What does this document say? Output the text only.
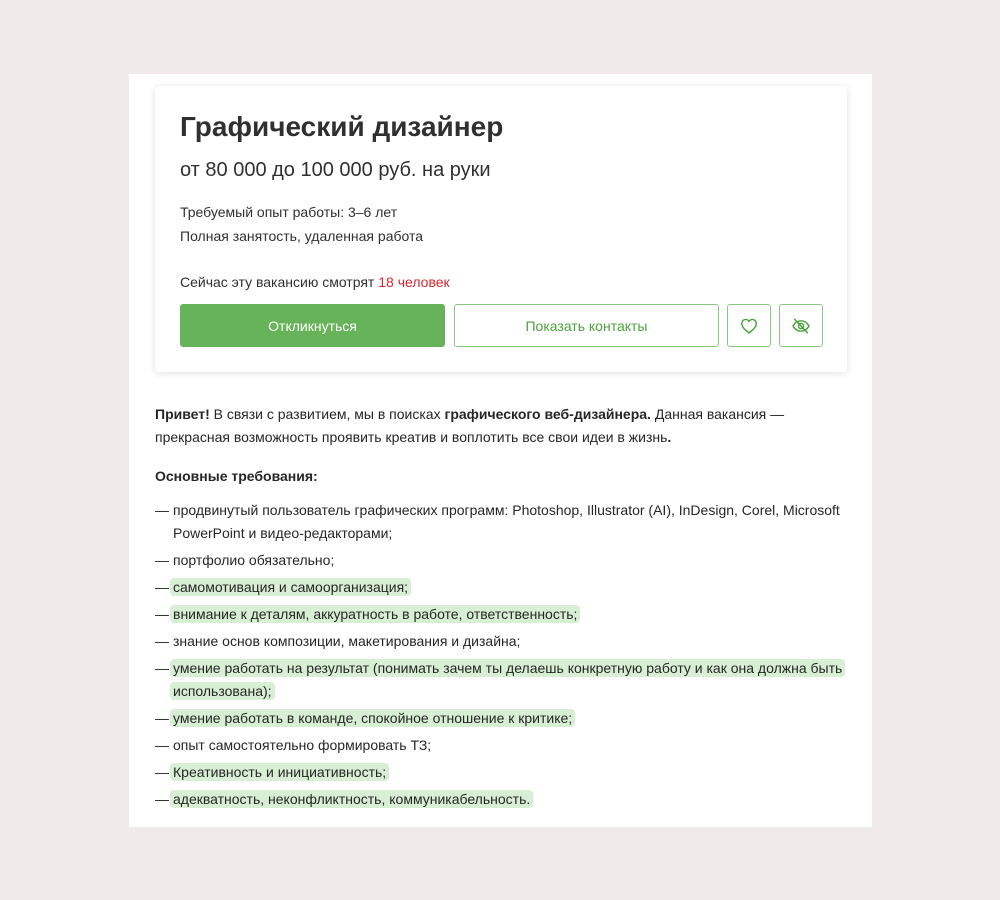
Графический дизайнер
от 80 000 до 100 000 руб. на руки
Требуемый опыт работы: 3–6 лет
Полная занятость, удаленная работа
Сейчас эту вакансию смотрят 18 человек
Откликнуться	Показать контакты

Привет! В связи с развитием, мы в поисках графического веб-дизайнера. Данная вакансия — прекрасная возможность проявить креатив и воплотить все свои идеи в жизнь.

Основные требования:

— продвинутый пользователь графических программ: Photoshop, Illustrator (AI), InDesign, Corel, Microsoft PowerPoint и видео-редакторами;
— портфолио обязательно;
— самомотивация и самоорганизация;
— внимание к деталям, аккуратность в работе, ответственность;
— знание основ композиции, макетирования и дизайна;
— умение работать на результат (понимать зачем ты делаешь конкретную работу и как она должна быть использована);
— умение работать в команде, спокойное отношение к критике;
— опыт самостоятельно формировать ТЗ;
— Креативность и инициативность;
— адекватность, неконфликтность, коммуникабельность.
